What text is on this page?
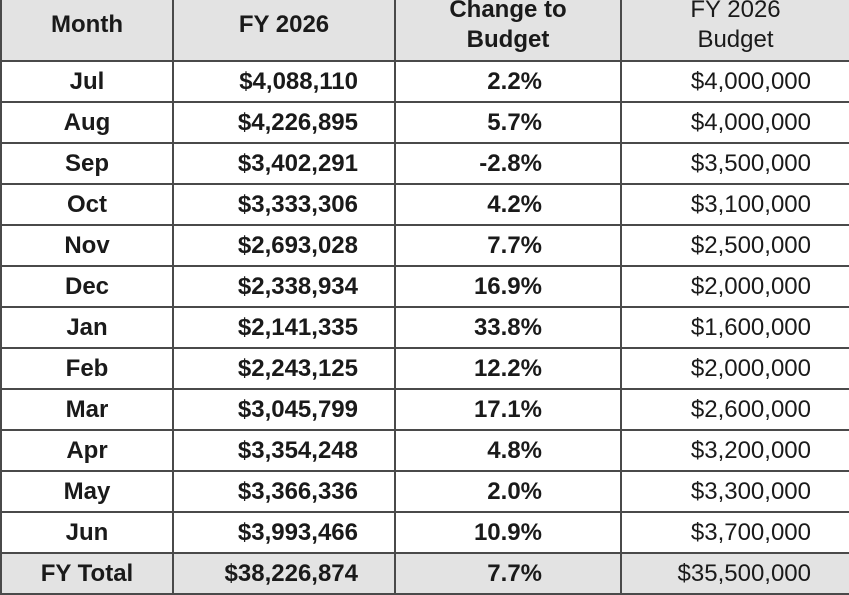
Month	FY 2026	Change to Budget	FY 2026 Budget

Jul	$4,088,110	2.2%	$4,000,000
Aug	$4,226,895	5.7%	$4,000,000
Sep	$3,402,291	-2.8%	$3,500,000
Oct	$3,333,306	4.2%	$3,100,000
Nov	$2,693,028	7.7%	$2,500,000
Dec	$2,338,934	16.9%	$2,000,000
Jan	$2,141,335	33.8%	$1,600,000
Feb	$2,243,125	12.2%	$2,000,000
Mar	$3,045,799	17.1%	$2,600,000
Apr	$3,354,248	4.8%	$3,200,000
May	$3,366,336	2.0%	$3,300,000
Jun	$3,993,466	10.9%	$3,700,000
FY Total	$38,226,874	7.7%	$35,500,000
